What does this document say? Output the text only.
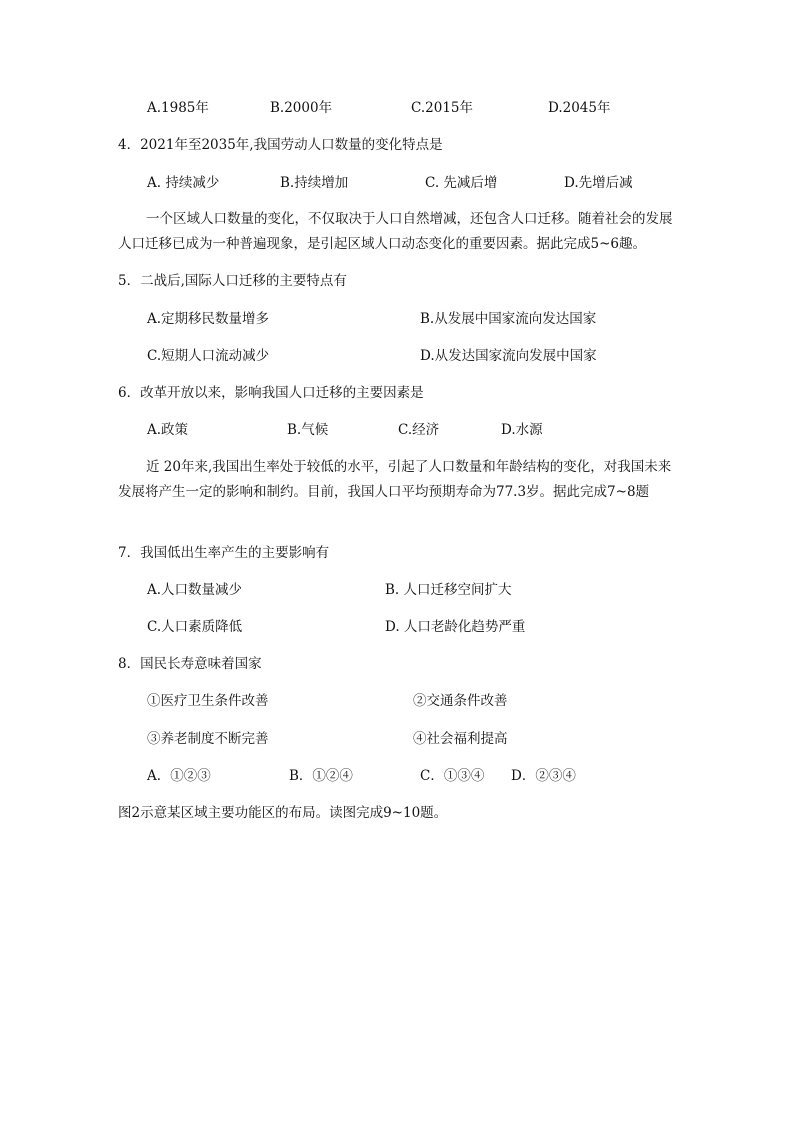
A.1985年	B.2000年	C.2015年	D.2045年
4．2021年至2035年,我国劳动人口数量的变化特点是
A. 持续减少	B.持续增加	C. 先减后增	D.先增后减
一个区域人口数量的变化，不仅取决于人口自然增减，还包含人口迁移。随着社会的发展人口迁移已成为一种普遍现象，是引起区域人口动态变化的重要因素。据此完成5~6趣。
5．二战后,国际人口迁移的主要特点有
A.定期移民数量增多	B.从发展中国家流向发达国家
C.短期人口流动减少	D.从发达国家流向发展中国家
6．改革开放以来，影响我国人口迁移的主要因素是
A.政策	B.气候	C.经济	D.水源
近 20年来,我国出生率处于较低的水平，引起了人口数量和年龄结构的变化，对我国未来发展将产生一定的影响和制约。目前，我国人口平均预期寿命为77.3岁。据此完成7~8题
7．我国低出生率产生的主要影响有
A.人口数量减少	B. 人口迁移空间扩大
C.人口素质降低	D. 人口老龄化趋势严重
8．国民长寿意味着国家
①医疗卫生条件改善	②交通条件改善
③养老制度不断完善	④社会福利提高
A．①②③	B．①②④	C．①③④ D．②③④
图2示意某区域主要功能区的布局。读图完成9~10题。
